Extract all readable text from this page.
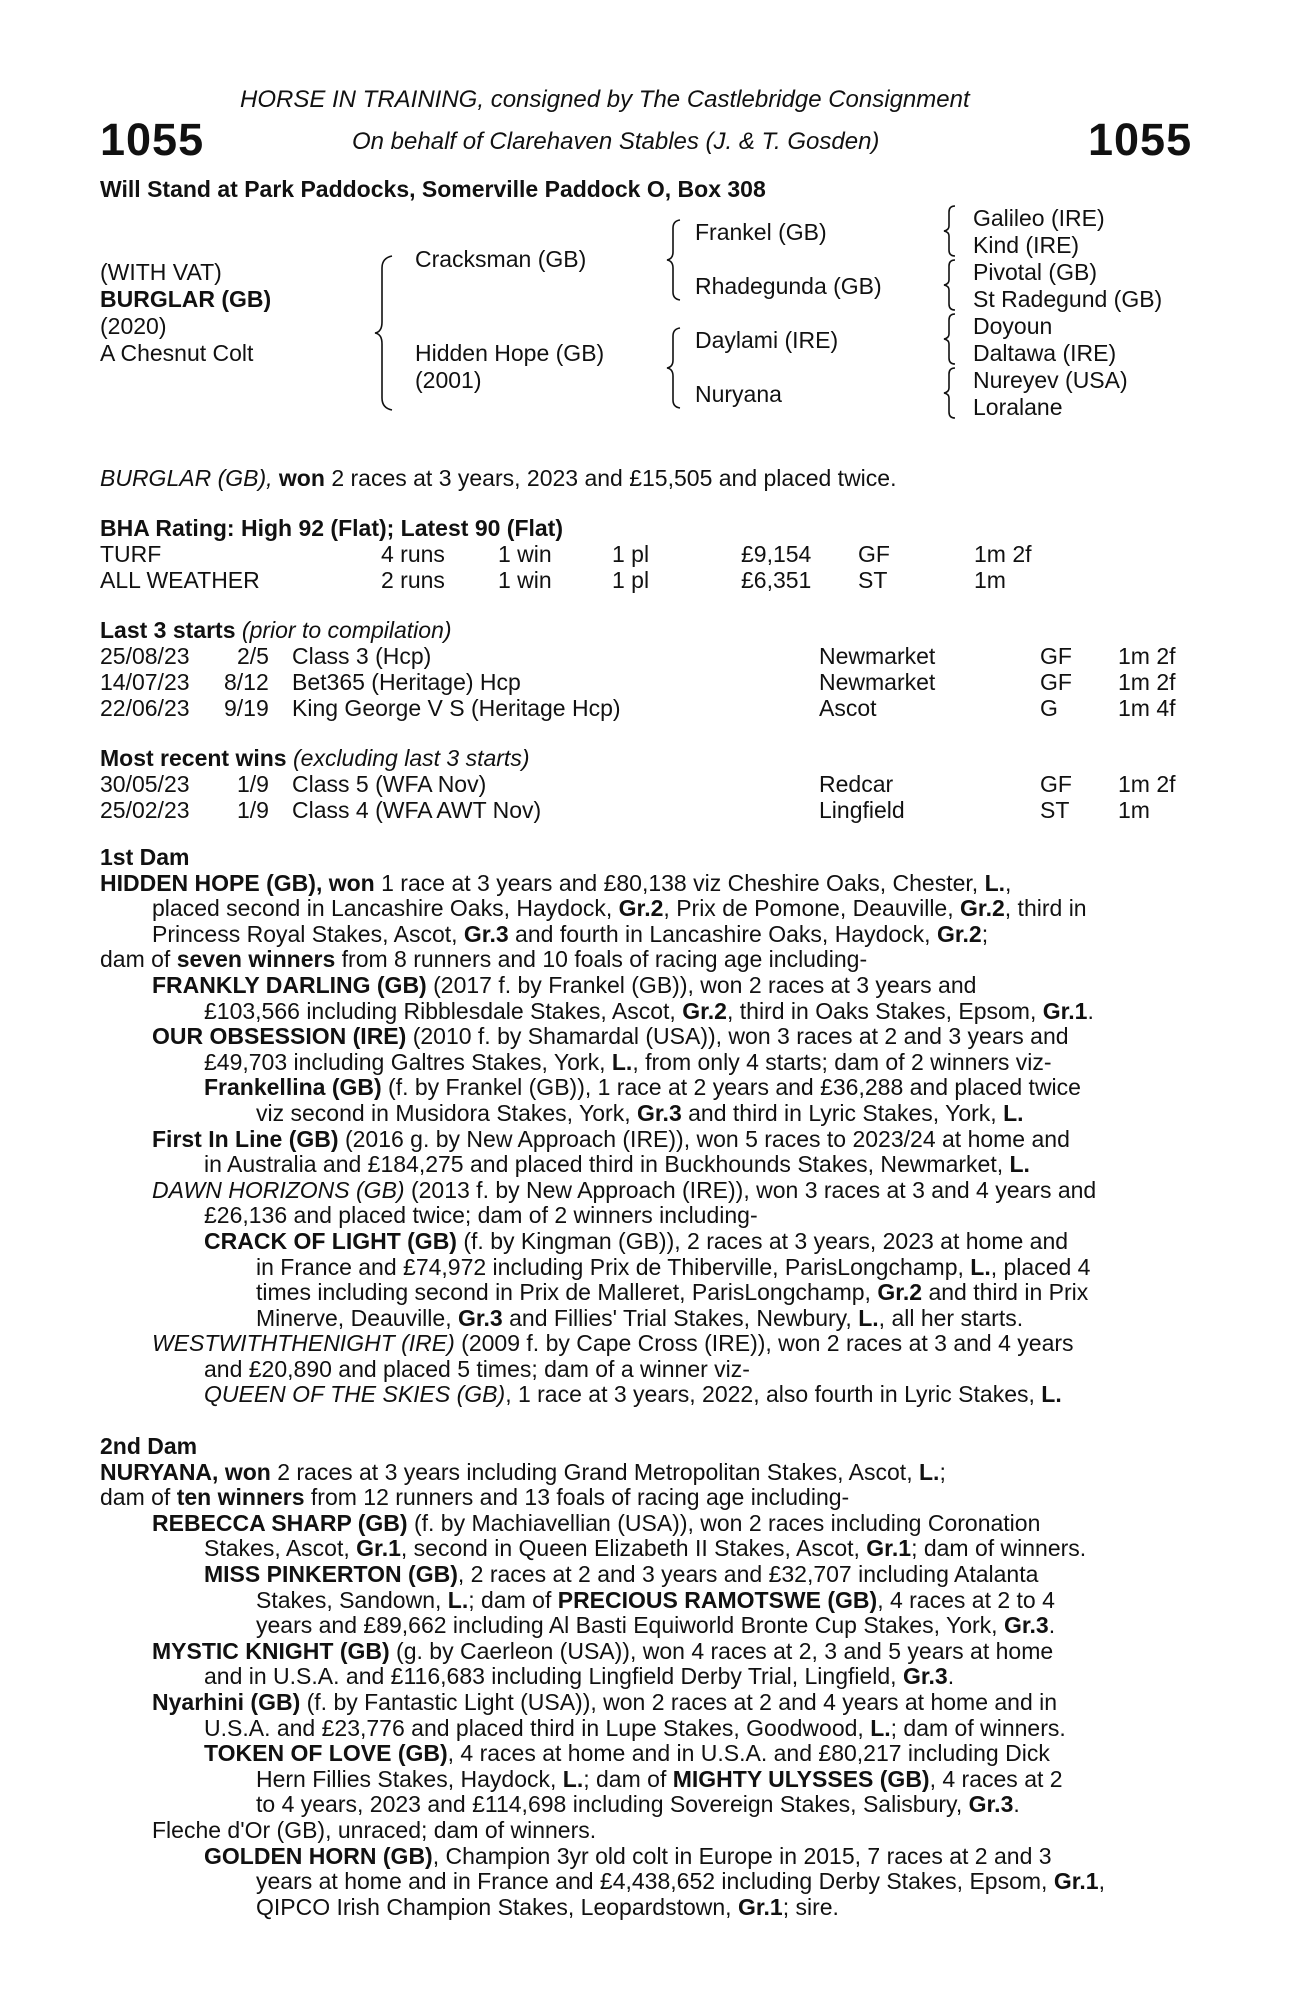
HORSE IN TRAINING, consigned by The Castlebridge Consignment
On behalf of Clarehaven Stables (J. & T. Gosden)
1055	1055
Will Stand at Park Paddocks, Somerville Paddock O, Box 308
(WITH VAT)
BURGLAR (GB)
(2020)
A Chesnut Colt
Cracksman (GB)
Hidden Hope (GB)
(2001)
Frankel (GB)
Rhadegunda (GB)
Daylami (IRE)
Nuryana
Galileo (IRE)
Kind (IRE)
Pivotal (GB)
St Radegund (GB)
Doyoun
Daltawa (IRE)
Nureyev (USA)
Loralane
BURGLAR (GB), won 2 races at 3 years, 2023 and £15,505 and placed twice.
BHA Rating: High 92 (Flat); Latest 90 (Flat)
TURF	4 runs 1 win	1 pl	£9,154 GF	1m 2f
ALL WEATHER	2 runs 1 win	1 pl	£6,351 ST	1m
Last 3 starts (prior to compilation)
25/08/23 2/5 Class 3 (Hcp)	Newmarket	GF 1m 2f
14/07/23 8/12 Bet365 (Heritage) Hcp	Newmarket	GF 1m 2f
22/06/23 9/19 King George V S (Heritage Hcp)	Ascot	G	1m 4f
Most recent wins (excluding last 3 starts)
30/05/23 1/9 Class 5 (WFA Nov)	Redcar	GF 1m 2f
25/02/23 1/9 Class 4 (WFA AWT Nov)	Lingfield	ST 1m
1st Dam
HIDDEN HOPE (GB), won 1 race at 3 years and £80,138 viz Cheshire Oaks, Chester, L.,
placed second in Lancashire Oaks, Haydock, Gr.2, Prix de Pomone, Deauville, Gr.2, third in
Princess Royal Stakes, Ascot, Gr.3 and fourth in Lancashire Oaks, Haydock, Gr.2;
dam of seven winners from 8 runners and 10 foals of racing age including-
FRANKLY DARLING (GB) (2017 f. by Frankel (GB)), won 2 races at 3 years and
£103,566 including Ribblesdale Stakes, Ascot, Gr.2, third in Oaks Stakes, Epsom, Gr.1.
OUR OBSESSION (IRE) (2010 f. by Shamardal (USA)), won 3 races at 2 and 3 years and
£49,703 including Galtres Stakes, York, L., from only 4 starts; dam of 2 winners viz-
Frankellina (GB) (f. by Frankel (GB)), 1 race at 2 years and £36,288 and placed twice
viz second in Musidora Stakes, York, Gr.3 and third in Lyric Stakes, York, L.
First In Line (GB) (2016 g. by New Approach (IRE)), won 5 races to 2023/24 at home and
in Australia and £184,275 and placed third in Buckhounds Stakes, Newmarket, L.
DAWN HORIZONS (GB) (2013 f. by New Approach (IRE)), won 3 races at 3 and 4 years and
£26,136 and placed twice; dam of 2 winners including-
CRACK OF LIGHT (GB) (f. by Kingman (GB)), 2 races at 3 years, 2023 at home and
in France and £74,972 including Prix de Thiberville, ParisLongchamp, L., placed 4
times including second in Prix de Malleret, ParisLongchamp, Gr.2 and third in Prix
Minerve, Deauville, Gr.3 and Fillies' Trial Stakes, Newbury, L., all her starts.
WESTWITHTHENIGHT (IRE) (2009 f. by Cape Cross (IRE)), won 2 races at 3 and 4 years
and £20,890 and placed 5 times; dam of a winner viz-
QUEEN OF THE SKIES (GB), 1 race at 3 years, 2022, also fourth in Lyric Stakes, L.
2nd Dam
NURYANA, won 2 races at 3 years including Grand Metropolitan Stakes, Ascot, L.;
dam of ten winners from 12 runners and 13 foals of racing age including-
REBECCA SHARP (GB) (f. by Machiavellian (USA)), won 2 races including Coronation
Stakes, Ascot, Gr.1, second in Queen Elizabeth II Stakes, Ascot, Gr.1; dam of winners.
MISS PINKERTON (GB), 2 races at 2 and 3 years and £32,707 including Atalanta
Stakes, Sandown, L.; dam of PRECIOUS RAMOTSWE (GB), 4 races at 2 to 4
years and £89,662 including Al Basti Equiworld Bronte Cup Stakes, York, Gr.3.
MYSTIC KNIGHT (GB) (g. by Caerleon (USA)), won 4 races at 2, 3 and 5 years at home
and in U.S.A. and £116,683 including Lingfield Derby Trial, Lingfield, Gr.3.
Nyarhini (GB) (f. by Fantastic Light (USA)), won 2 races at 2 and 4 years at home and in
U.S.A. and £23,776 and placed third in Lupe Stakes, Goodwood, L.; dam of winners.
TOKEN OF LOVE (GB), 4 races at home and in U.S.A. and £80,217 including Dick
Hern Fillies Stakes, Haydock, L.; dam of MIGHTY ULYSSES (GB), 4 races at 2
to 4 years, 2023 and £114,698 including Sovereign Stakes, Salisbury, Gr.3.
Fleche d'Or (GB), unraced; dam of winners.
GOLDEN HORN (GB), Champion 3yr old colt in Europe in 2015, 7 races at 2 and 3
years at home and in France and £4,438,652 including Derby Stakes, Epsom, Gr.1,
QIPCO Irish Champion Stakes, Leopardstown, Gr.1; sire.
